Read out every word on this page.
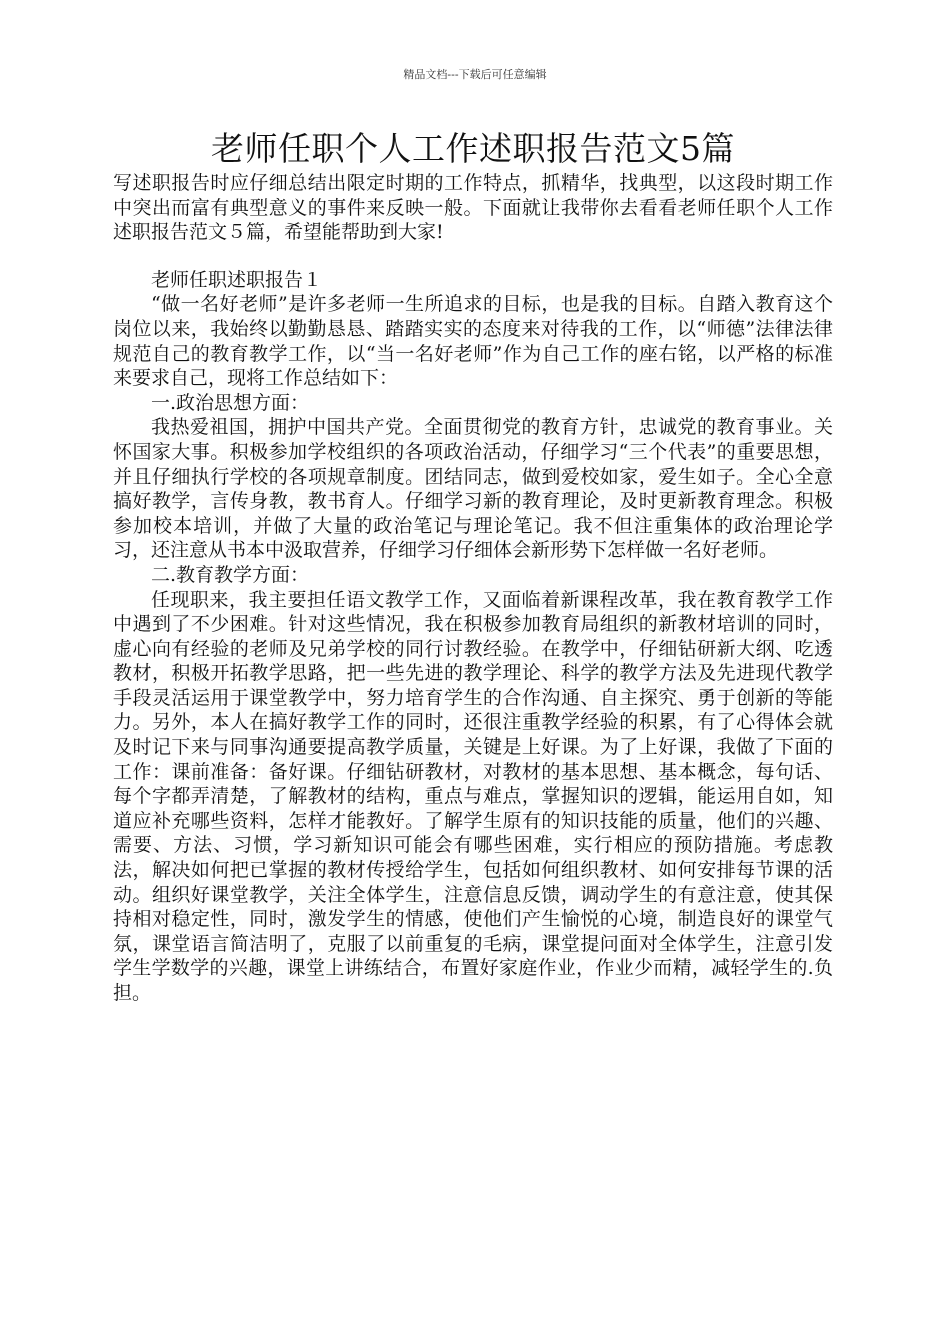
精品文档---下载后可任意编辑
老师任职个人工作述职报告范文5篇

写述职报告时应仔细总结出限定时期的工作特点，抓精华，找典型，以这段时期工作中突出而富有典型意义的事件来反映一般。下面就让我带你去看看老师任职个人工作述职报告范文５篇，希望能帮助到大家!

老师任职述职报告１

“做一名好老师”是许多老师一生所追求的目标，也是我的目标。自踏入教育这个岗位以来，我始终以勤勤恳恳、踏踏实实的态度来对待我的工作，以“师德”法律法律规范自己的教育教学工作，以“当一名好老师”作为自己工作的座右铭，以严格的标准来要求自己，现将工作总结如下：

一.政治思想方面：

我热爱祖国，拥护中国共产党。全面贯彻党的教育方针，忠诚党的教育事业。关怀国家大事。积极参加学校组织的各项政治活动，仔细学习“三个代表”的重要思想，并且仔细执行学校的各项规章制度。团结同志，做到爱校如家，爱生如子。全心全意搞好教学，言传身教，教书育人。仔细学习新的教育理论，及时更新教育理念。积极参加校本培训，并做了大量的政治笔记与理论笔记。我不但注重集体的政治理论学习，还注意从书本中汲取营养，仔细学习仔细体会新形势下怎样做一名好老师。

二.教育教学方面：

任现职来，我主要担任语文教学工作，又面临着新课程改革，我在教育教学工作中遇到了不少困难。针对这些情况，我在积极参加教育局组织的新教材培训的同时，虚心向有经验的老师及兄弟学校的同行讨教经验。在教学中，仔细钻研新大纲、吃透教材，积极开拓教学思路，把一些先进的教学理论、科学的教学方法及先进现代教学手段灵活运用于课堂教学中，努力培育学生的合作沟通、自主探究、勇于创新的等能力。另外，本人在搞好教学工作的同时，还很注重教学经验的积累，有了心得体会就及时记下来与同事沟通要提高教学质量，关键是上好课。为了上好课，我做了下面的工作：课前准备：备好课。仔细钻研教材，对教材的基本思想、基本概念，每句话、每个字都弄清楚，了解教材的结构，重点与难点，掌握知识的逻辑，能运用自如，知道应补充哪些资料，怎样才能教好。了解学生原有的知识技能的质量，他们的兴趣、需要、方法、习惯，学习新知识可能会有哪些困难，实行相应的预防措施。考虑教法，解决如何把已掌握的教材传授给学生，包括如何组织教材、如何安排每节课的活动。组织好课堂教学，关注全体学生，注意信息反馈，调动学生的有意注意，使其保持相对稳定性，同时，激发学生的情感，使他们产生愉悦的心境，制造良好的课堂气氛，课堂语言简洁明了，克服了以前重复的毛病，课堂提问面对全体学生，注意引发学生学数学的兴趣，课堂上讲练结合，布置好家庭作业，作业少而精，减轻学生的.负担。
